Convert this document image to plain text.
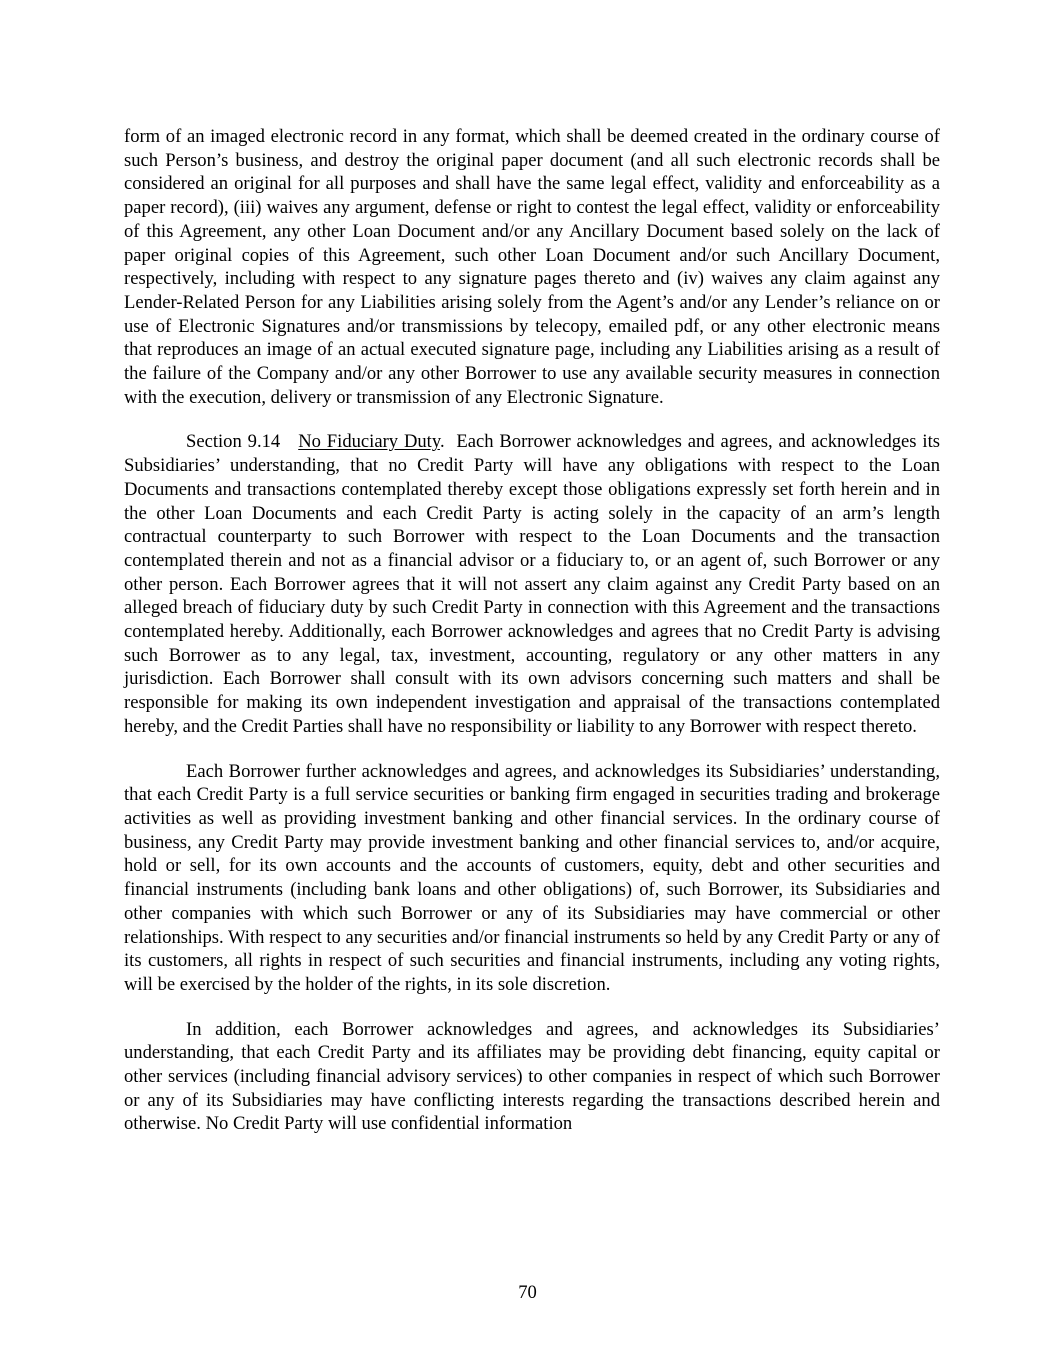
form of an imaged electronic record in any format, which shall be deemed created in the ordinary course of such Person’s business, and destroy the original paper document (and all such electronic records shall be considered an original for all purposes and shall have the same legal effect, validity and enforceability as a paper record), (iii) waives any argument, defense or right to contest the legal effect, validity or enforceability of this Agreement, any other Loan Document and/or any Ancillary Document based solely on the lack of paper original copies of this Agreement, such other Loan Document and/or such Ancillary Document, respectively, including with respect to any signature pages thereto and (iv) waives any claim against any Lender-Related Person for any Liabilities arising solely from the Agent’s and/or any Lender’s reliance on or use of Electronic Signatures and/or transmissions by telecopy, emailed pdf, or any other electronic means that reproduces an image of an actual executed signature page, including any Liabilities arising as a result of the failure of the Company and/or any other Borrower to use any available security measures in connection with the execution, delivery or transmission of any Electronic Signature.

Section 9.14 No Fiduciary Duty. Each Borrower acknowledges and agrees, and acknowledges its Subsidiaries’ understanding, that no Credit Party will have any obligations with respect to the Loan Documents and transactions contemplated thereby except those obligations expressly set forth herein and in the other Loan Documents and each Credit Party is acting solely in the capacity of an arm’s length contractual counterparty to such Borrower with respect to the Loan Documents and the transaction contemplated therein and not as a financial advisor or a fiduciary to, or an agent of, such Borrower or any other person. Each Borrower agrees that it will not assert any claim against any Credit Party based on an alleged breach of fiduciary duty by such Credit Party in connection with this Agreement and the transactions contemplated hereby. Additionally, each Borrower acknowledges and agrees that no Credit Party is advising such Borrower as to any legal, tax, investment, accounting, regulatory or any other matters in any jurisdiction. Each Borrower shall consult with its own advisors concerning such matters and shall be responsible for making its own independent investigation and appraisal of the transactions contemplated hereby, and the Credit Parties shall have no responsibility or liability to any Borrower with respect thereto.

Each Borrower further acknowledges and agrees, and acknowledges its Subsidiaries’ understanding, that each Credit Party is a full service securities or banking firm engaged in securities trading and brokerage activities as well as providing investment banking and other financial services. In the ordinary course of business, any Credit Party may provide investment banking and other financial services to, and/or acquire, hold or sell, for its own accounts and the accounts of customers, equity, debt and other securities and financial instruments (including bank loans and other obligations) of, such Borrower, its Subsidiaries and other companies with which such Borrower or any of its Subsidiaries may have commercial or other relationships. With respect to any securities and/or financial instruments so held by any Credit Party or any of its customers, all rights in respect of such securities and financial instruments, including any voting rights, will be exercised by the holder of the rights, in its sole discretion.

In addition, each Borrower acknowledges and agrees, and acknowledges its Subsidiaries’ understanding, that each Credit Party and its affiliates may be providing debt financing, equity capital or other services (including financial advisory services) to other companies in respect of which such Borrower or any of its Subsidiaries may have conflicting interests regarding the transactions described herein and otherwise. No Credit Party will use confidential information

70
